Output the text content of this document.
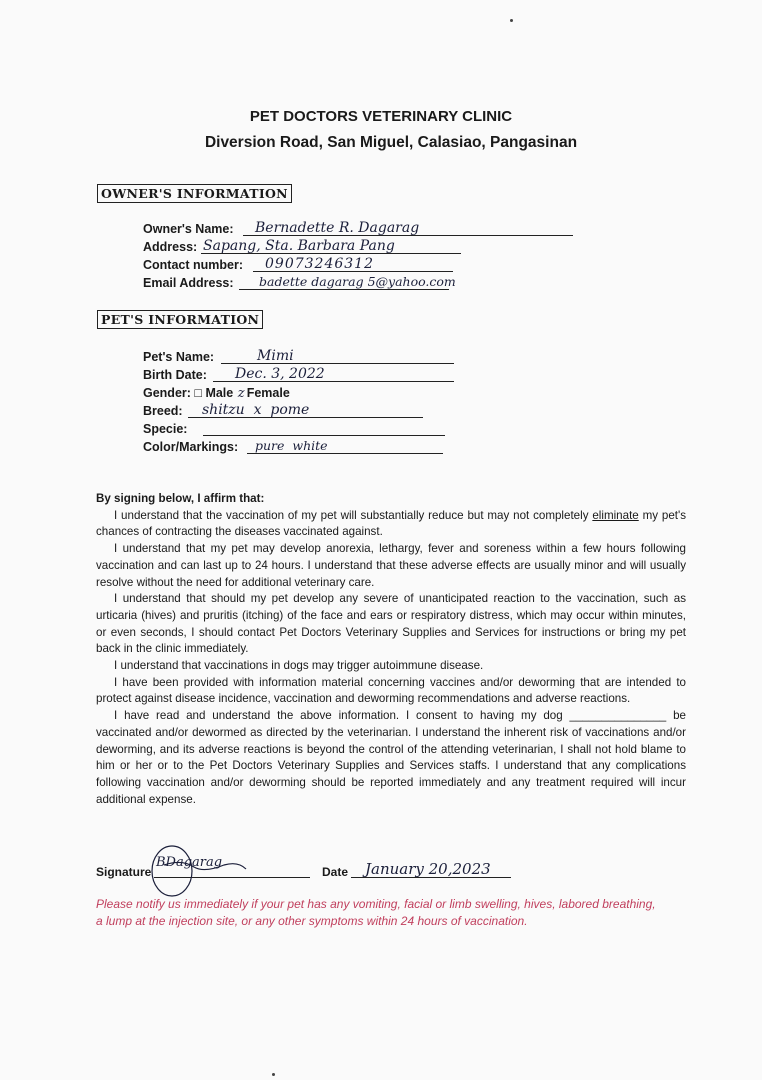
PET DOCTORS VETERINARY CLINIC
Diversion Road, San Miguel, Calasiao, Pangasinan
OWNER'S INFORMATION
Owner's Name: Bernadette R. Dagarag
Address: Sapang, Sta. Barbara Pang
Contact number: 09073246312
Email Address: badette dagarag 5@yahoo.com
PET'S INFORMATION
Pet's Name:	Mimi
Birth Date: Dec. 3, 2022
Gender: □ Male z Female
Breed: shitzu  x  pome
Specie:
Color/Markings: pure  white
By signing below, I affirm that:

I understand that the vaccination of my pet will substantially reduce but may not completely eliminate my pet's chances of contracting the diseases vaccinated against.

I understand that my pet may develop anorexia, lethargy, fever and soreness within a few hours following vaccination and can last up to 24 hours. I understand that these adverse effects are usually minor and will usually resolve without the need for additional veterinary care.

I understand that should my pet develop any severe of unanticipated reaction to the vaccination, such as urticaria (hives) and pruritis (itching) of the face and ears or respiratory distress, which may occur within minutes, or even seconds, I should contact Pet Doctors Veterinary Supplies and Services for instructions or bring my pet back in the clinic immediately.

I understand that vaccinations in dogs may trigger autoimmune disease.

I have been provided with information material concerning vaccines and/or deworming that are intended to protect against disease incidence, vaccination and deworming recommendations and adverse reactions.

I have read and understand the above information. I consent to having my dog _______________ be vaccinated and/or dewormed as directed by the veterinarian. I understand the inherent risk of vaccinations and/or deworming, and its adverse reactions is beyond the control of the attending veterinarian, I shall not hold blame to him or her or to the Pet Doctors Veterinary Supplies and Services staffs. I understand that any complications following vaccination and/or deworming should be reported immediately and any treatment required will incur additional expense.

Signature
BDagarag
Date January 20,2023
Please notify us immediately if your pet has any vomiting, facial or limb swelling, hives, labored breathing, a lump at the injection site, or any other symptoms within 24 hours of vaccination.
